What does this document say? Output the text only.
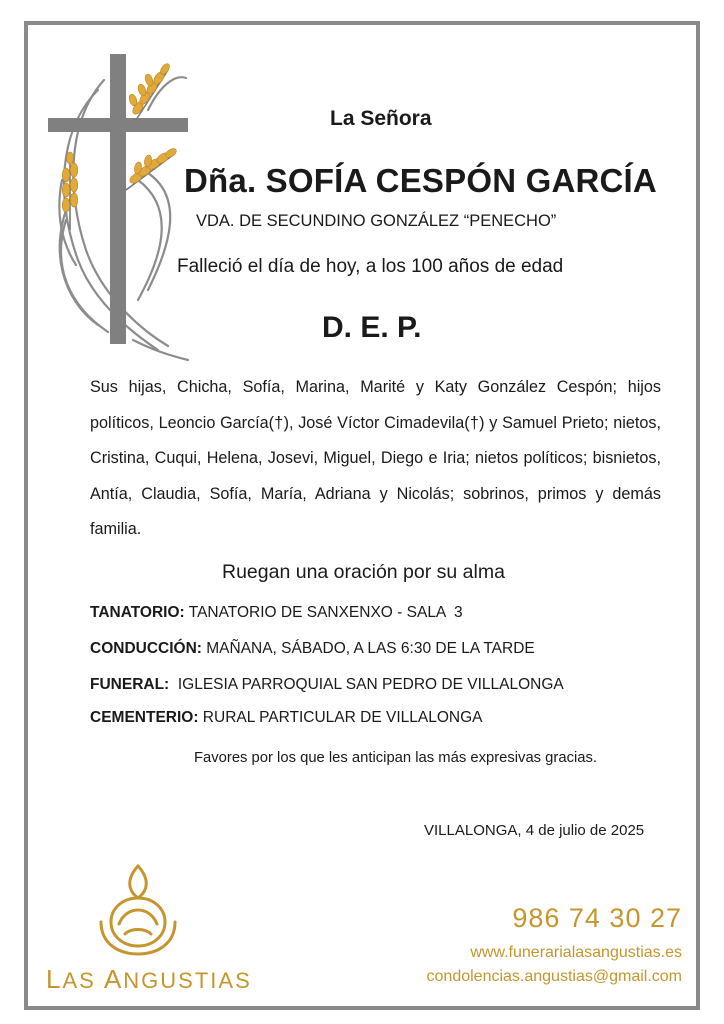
La Señora
Dña. SOFÍA CESPÓN GARCÍA
VDA. DE SECUNDINO GONZÁLEZ “PENECHO”
Falleció el día de hoy, a los 100 años de edad
D. E. P.
Sus hijas, Chicha, Sofía, Marina, Marité y Katy González Cespón; hijos políticos, Leoncio García(†), José Víctor Cimadevila(†) y Samuel Prieto; nietos, Cristina, Cuqui, Helena, Josevi, Miguel, Diego e Iria; nietos políticos; bisnietos, Antía, Claudia, Sofía, María, Adriana y Nicolás; sobrinos, primos y demás familia.
Ruegan una oración por su alma
TANATORIO: TANATORIO DE SANXENXO - SALA  3
CONDUCCIÓN: MAÑANA, SÁBADO, A LAS 6:30 DE LA TARDE
FUNERAL:  IGLESIA PARROQUIAL SAN PEDRO DE VILLALONGA
CEMENTERIO: RURAL PARTICULAR DE VILLALONGA
Favores por los que les anticipan las más expresivas gracias.
VILLALONGA, 4 de julio de 2025
LAS ANGUSTIAS
986 74 30 27
www.funerarialasangustias.es
condolencias.angustias@gmail.com
